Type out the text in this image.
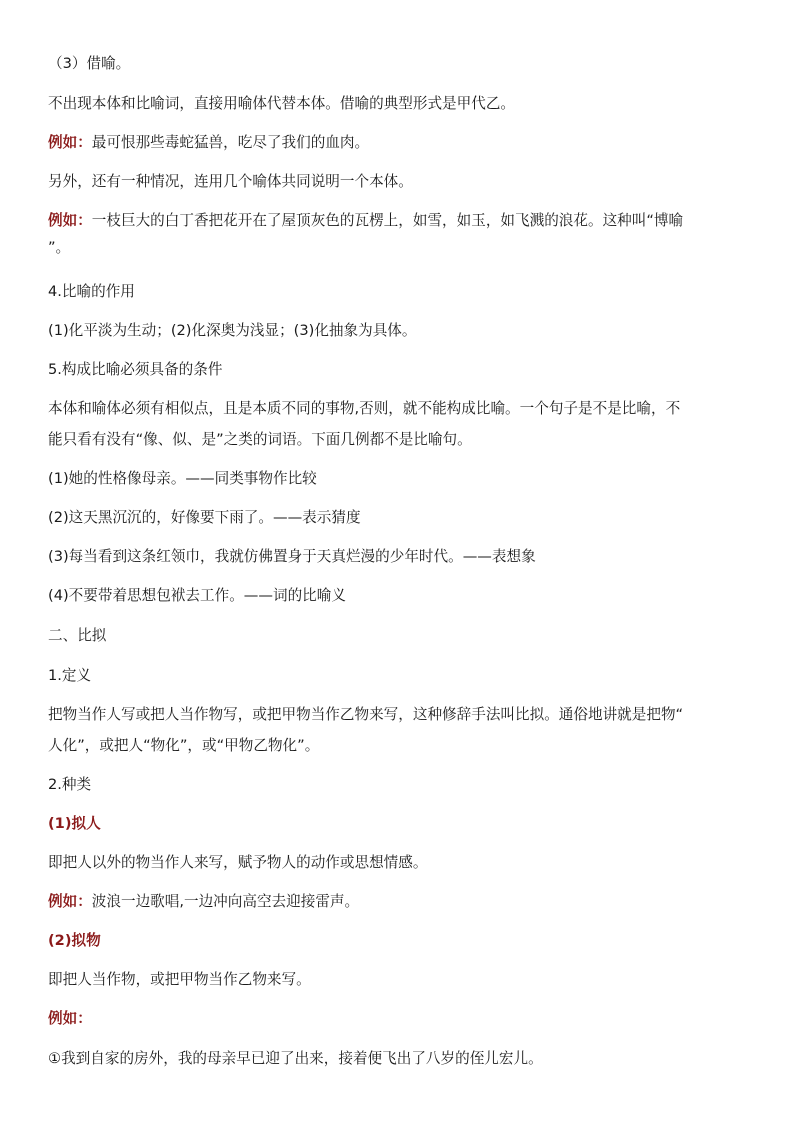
（3）借喻。
不出现本体和比喻词，直接用喻体代替本体。借喻的典型形式是甲代乙。
例如：最可恨那些毒蛇猛兽，吃尽了我们的血肉。
另外，还有一种情况，连用几个喻体共同说明一个本体。
例如：一枝巨大的白丁香把花开在了屋顶灰色的瓦楞上，如雪，如玉，如飞溅的浪花。这种叫“博喻
”。
4.比喻的作用
(1)化平淡为生动；(2)化深奥为浅显；(3)化抽象为具体。
5.构成比喻必须具备的条件
本体和喻体必须有相似点，且是本质不同的事物,否则，就不能构成比喻。一个句子是不是比喻，不
能只看有没有“像、似、是”之类的词语。下面几例都不是比喻句。
(1)她的性格像母亲。——同类事物作比较
(2)这天黑沉沉的，好像要下雨了。——表示猜度
(3)每当看到这条红领巾，我就仿佛置身于天真烂漫的少年时代。——表想象
(4)不要带着思想包袱去工作。——词的比喻义
二、比拟
1.定义
把物当作人写或把人当作物写，或把甲物当作乙物来写，这种修辞手法叫比拟。通俗地讲就是把物“
人化”，或把人“物化”，或“甲物乙物化”。
2.种类
(1)拟人
即把人以外的物当作人来写，赋予物人的动作或思想情感。
例如：波浪一边歌唱,一边冲向高空去迎接雷声。
(2)拟物
即把人当作物，或把甲物当作乙物来写。
例如：
①我到自家的房外，我的母亲早已迎了出来，接着便飞出了八岁的侄儿宏儿。
